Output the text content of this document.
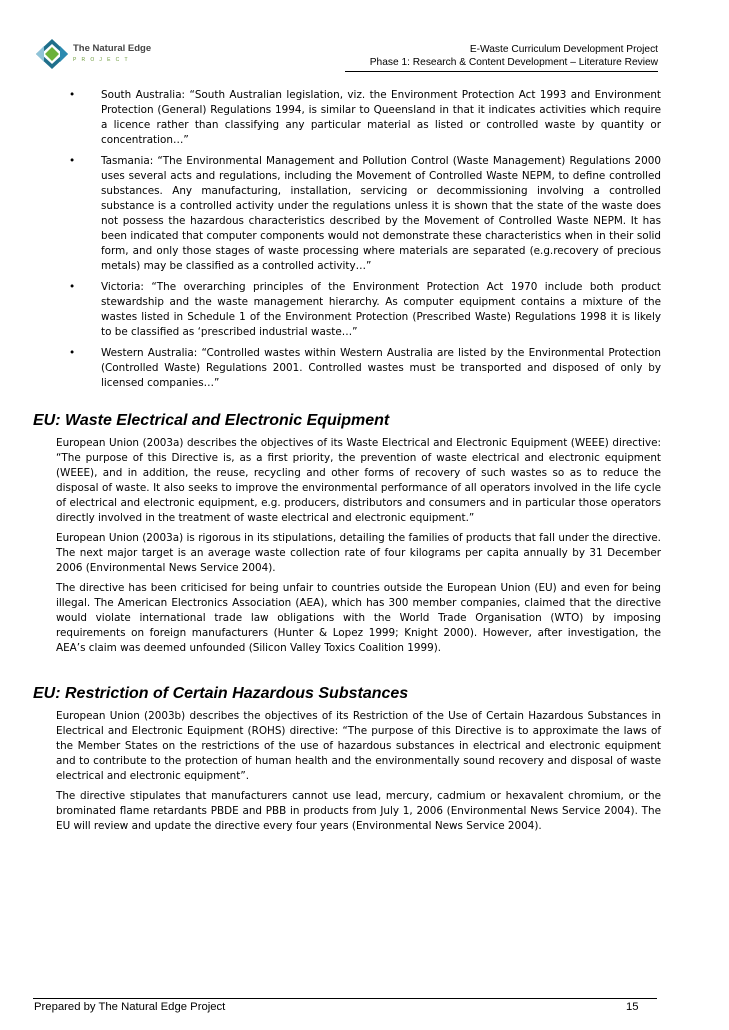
The Natural Edge
PROJECT
E-Waste Curriculum Development Project
Phase 1: Research & Content Development – Literature Review
• South Australia: “South Australian legislation, viz. the Environment Protection Act 1993 and Environment Protection (General) Regulations 1994, is similar to Queensland in that it indicates activities which require a licence rather than classifying any particular material as listed or controlled waste by quantity or concentration…”
• Tasmania: “The Environmental Management and Pollution Control (Waste Management) Regulations 2000 uses several acts and regulations, including the Movement of Controlled Waste NEPM, to define controlled substances. Any manufacturing, installation, servicing or decommissioning involving a controlled substance is a controlled activity under the regulations unless it is shown that the state of the waste does not possess the hazardous characteristics described by the Movement of Controlled Waste NEPM. It has been indicated that computer components would not demonstrate these characteristics when in their solid form, and only those stages of waste processing where materials are separated (e.g.recovery of precious metals) may be classified as a controlled activity…”
• Victoria: “The overarching principles of the Environment Protection Act 1970 include both product stewardship and the waste management hierarchy. As computer equipment contains a mixture of the wastes listed in Schedule 1 of the Environment Protection (Prescribed Waste) Regulations 1998 it is likely to be classified as ‘prescribed industrial waste…”
• Western Australia: “Controlled wastes within Western Australia are listed by the Environmental Protection (Controlled Waste) Regulations 2001. Controlled wastes must be transported and disposed of only by licensed companies…”
EU: Waste Electrical and Electronic Equipment

European Union (2003a) describes the objectives of its Waste Electrical and Electronic Equipment (WEEE) directive: “The purpose of this Directive is, as a first priority, the prevention of waste electrical and electronic equipment (WEEE), and in addition, the reuse, recycling and other forms of recovery of such wastes so as to reduce the disposal of waste. It also seeks to improve the environmental performance of all operators involved in the life cycle of electrical and electronic equipment, e.g. producers, distributors and consumers and in particular those operators directly involved in the treatment of waste electrical and electronic equipment.”

European Union (2003a) is rigorous in its stipulations, detailing the families of products that fall under the directive. The next major target is an average waste collection rate of four kilograms per capita annually by 31 December 2006 (Environmental News Service 2004).

The directive has been criticised for being unfair to countries outside the European Union (EU) and even for being illegal. The American Electronics Association (AEA), which has 300 member companies, claimed that the directive would violate international trade law obligations with the World Trade Organisation (WTO) by imposing requirements on foreign manufacturers (Hunter & Lopez 1999; Knight 2000). However, after investigation, the AEA’s claim was deemed unfounded (Silicon Valley Toxics Coalition 1999).

EU: Restriction of Certain Hazardous Substances

European Union (2003b) describes the objectives of its Restriction of the Use of Certain Hazardous Substances in Electrical and Electronic Equipment (ROHS) directive: “The purpose of this Directive is to approximate the laws of the Member States on the restrictions of the use of hazardous substances in electrical and electronic equipment and to contribute to the protection of human health and the environmentally sound recovery and disposal of waste electrical and electronic equipment”.

The directive stipulates that manufacturers cannot use lead, mercury, cadmium or hexavalent chromium, or the brominated flame retardants PBDE and PBB in products from July 1, 2006 (Environmental News Service 2004). The EU will review and update the directive every four years (Environmental News Service 2004).

Prepared by The Natural Edge Project	15
